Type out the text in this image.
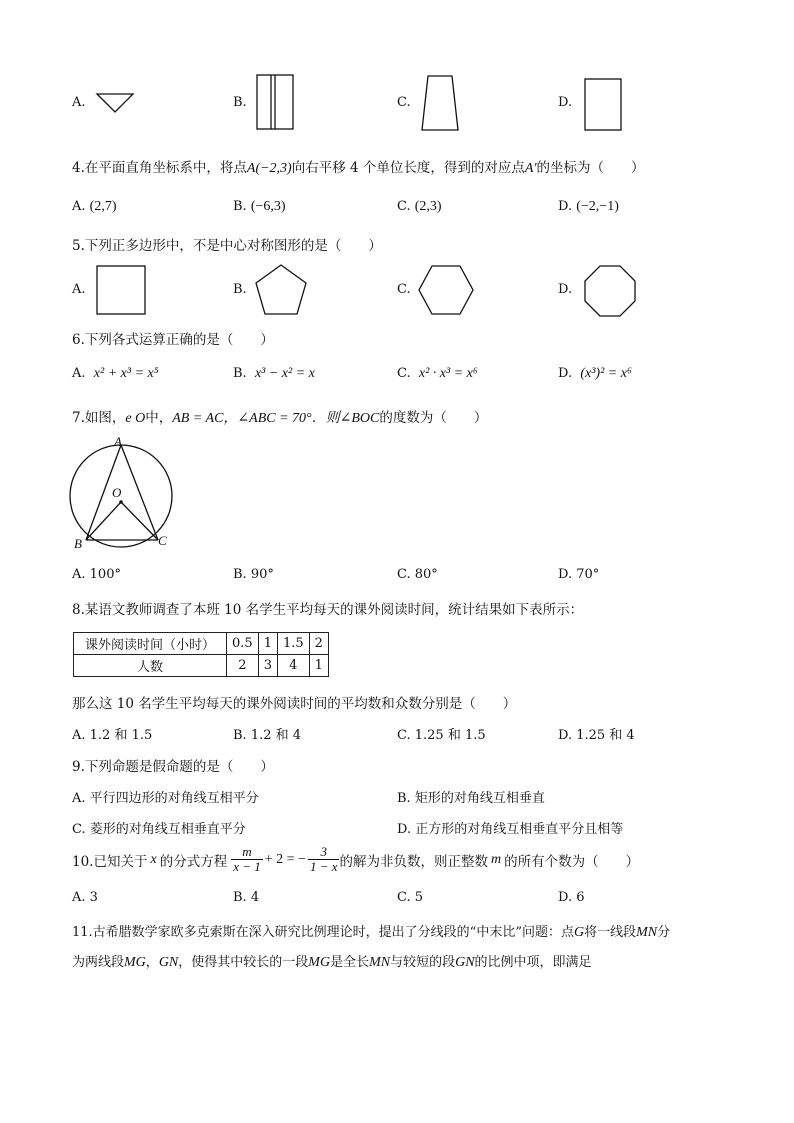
A.	B.	C.	D.
4.在平面直角坐标系中，将点A(−2,3)向右平移 4 个单位长度，得到的对应点A′的坐标为（　　）
A. (2,7)	B. (−6,3)	C. (2,3)	D. (−2,−1)
5.下列正多边形中，不是中心对称图形的是（　　）
A.	B.	C.	D.
6.下列各式运算正确的是（　　）
A. x² + x³ = x⁵	B. x³ − x² = x	C. x² · x³ = x⁶	D. (x³)² = x⁶
7.如图，e O中，AB = AC，∠ABC = 70°．则∠BOC的度数为（　　）
A
O
B	C
A. 100°	B. 90°	C. 80°	D. 70°
8.某语文教师调查了本班 10 名学生平均每天的课外阅读时间，统计结果如下表所示：
课外阅读时间（小时）	0.5	1	1.5	2
人数	2	3	4	1
那么这 10 名学生平均每天的课外阅读时间的平均数和众数分别是（　　）
A. 1.2 和 1.5	B. 1.2 和 4	C. 1.25 和 1.5	D. 1.25 和 4
9.下列命题是假命题的是（　　）
A. 平行四边形的对角线互相平分	B. 矩形的对角线互相垂直
C. 菱形的对角线互相垂直平分	D. 正方形的对角线互相垂直平分且相等
10.已知关于 x 的分式方程 $\frac{m}{x - 1} + 2$ = − $\frac{3}{1 - x}$ 的解为非负数，则正整数 m 的所有个数为（　　）
A. 3	B. 4	C. 5	D. 6
11.古希腊数学家欧多克索斯在深入研究比例理论时，提出了分线段的“中末比”问题：点G将一线段MN分
为两线段MG，GN，使得其中较长的一段MG是全长MN与较短的段GN的比例中项，即满足
